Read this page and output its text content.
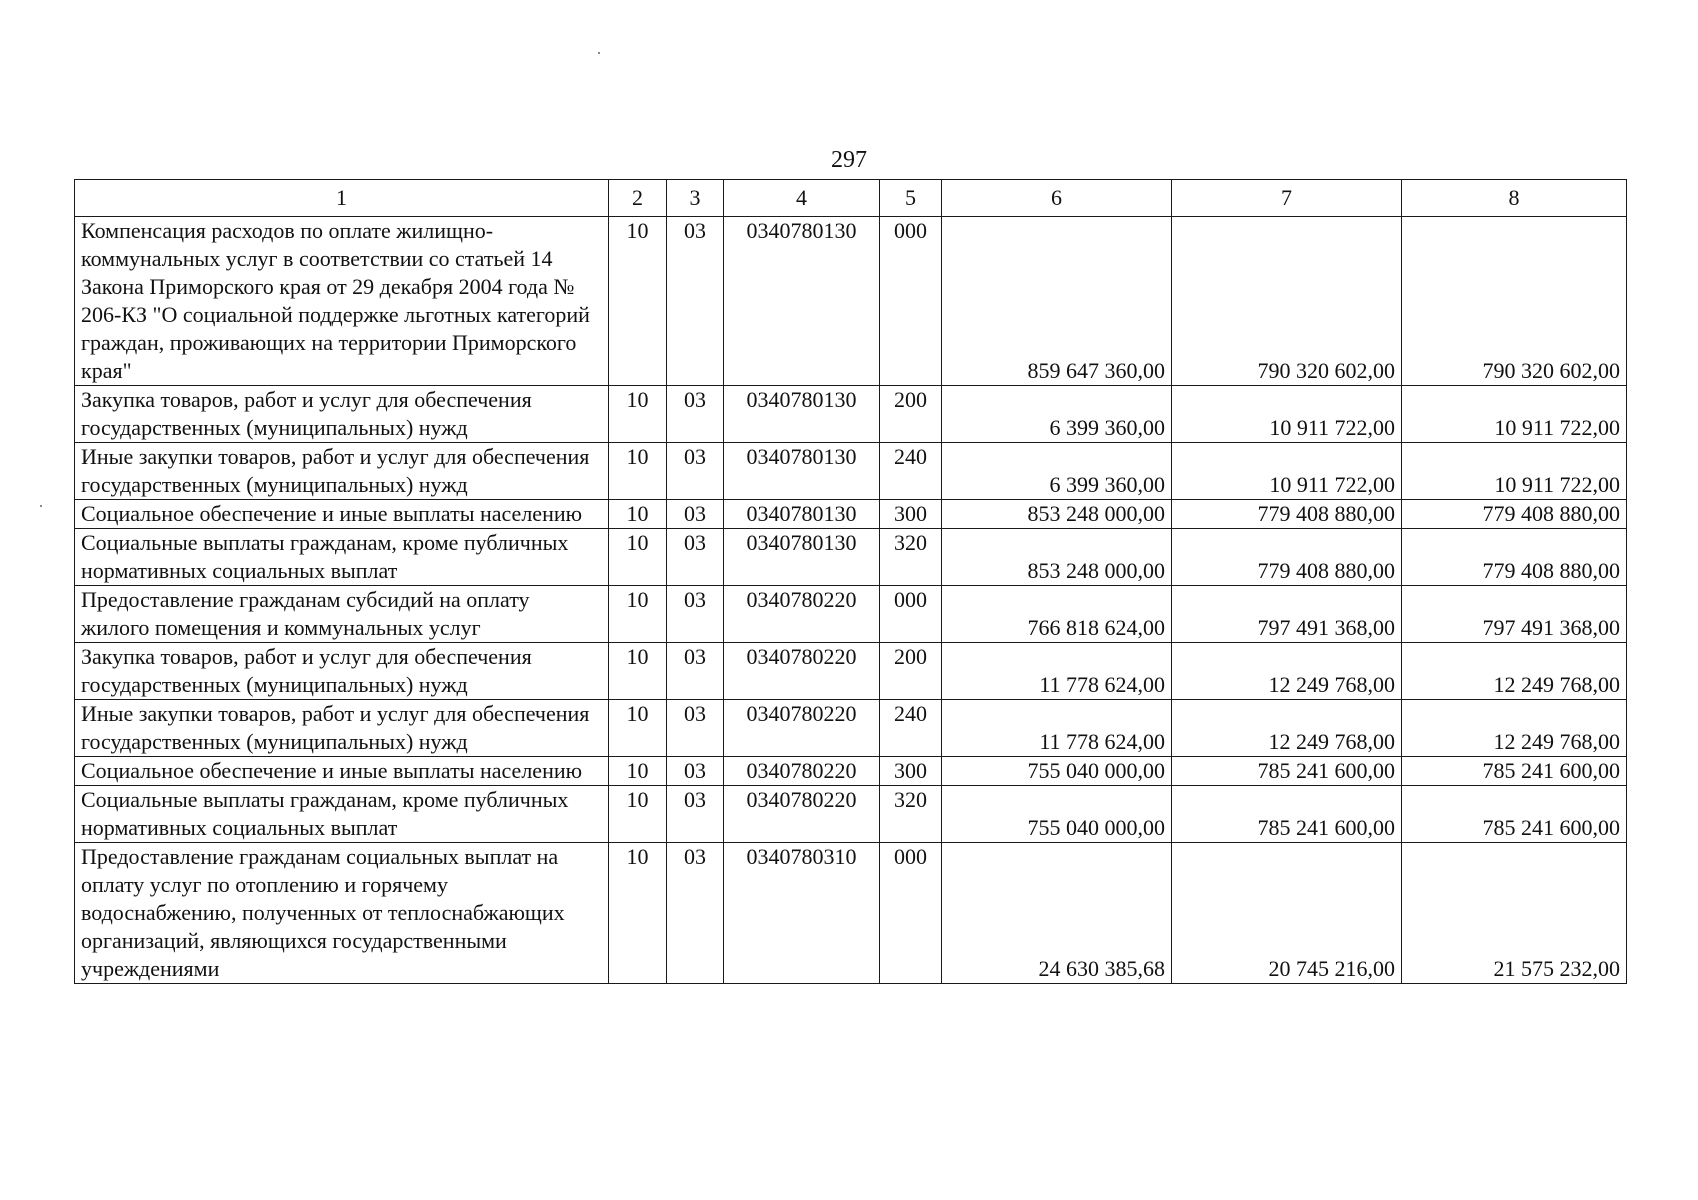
297
1	2	3	4	5	6	7	8
Компенсация расходов по оплате жилищно-коммунальных услуг в соответствии со статьей 14 Закона Приморского края от 29 декабря 2004 года № 206-КЗ "О социальной поддержке льготных категорий граждан, проживающих на территории Приморского края"	10	03	0340780130	000	859 647 360,00	790 320 602,00	790 320 602,00
Закупка товаров, работ и услуг для обеспечения государственных (муниципальных) нужд	10	03	0340780130	200	6 399 360,00	10 911 722,00	10 911 722,00
Иные закупки товаров, работ и услуг для обеспечения государственных (муниципальных) нужд	10	03	0340780130	240	6 399 360,00	10 911 722,00	10 911 722,00
Социальное обеспечение и иные выплаты населению	10	03	0340780130	300	853 248 000,00	779 408 880,00	779 408 880,00
Социальные выплаты гражданам, кроме публичных нормативных социальных выплат	10	03	0340780130	320	853 248 000,00	779 408 880,00	779 408 880,00
Предоставление гражданам субсидий на оплату жилого помещения и коммунальных услуг	10	03	0340780220	000	766 818 624,00	797 491 368,00	797 491 368,00
Закупка товаров, работ и услуг для обеспечения государственных (муниципальных) нужд	10	03	0340780220	200	11 778 624,00	12 249 768,00	12 249 768,00
Иные закупки товаров, работ и услуг для обеспечения государственных (муниципальных) нужд	10	03	0340780220	240	11 778 624,00	12 249 768,00	12 249 768,00
Социальное обеспечение и иные выплаты населению	10	03	0340780220	300	755 040 000,00	785 241 600,00	785 241 600,00
Социальные выплаты гражданам, кроме публичных нормативных социальных выплат	10	03	0340780220	320	755 040 000,00	785 241 600,00	785 241 600,00
Предоставление гражданам социальных выплат на оплату услуг по отоплению и горячему водоснабжению, полученных от теплоснабжающих организаций, являющихся государственными учреждениями	10	03	0340780310	000	24 630 385,68	20 745 216,00	21 575 232,00
